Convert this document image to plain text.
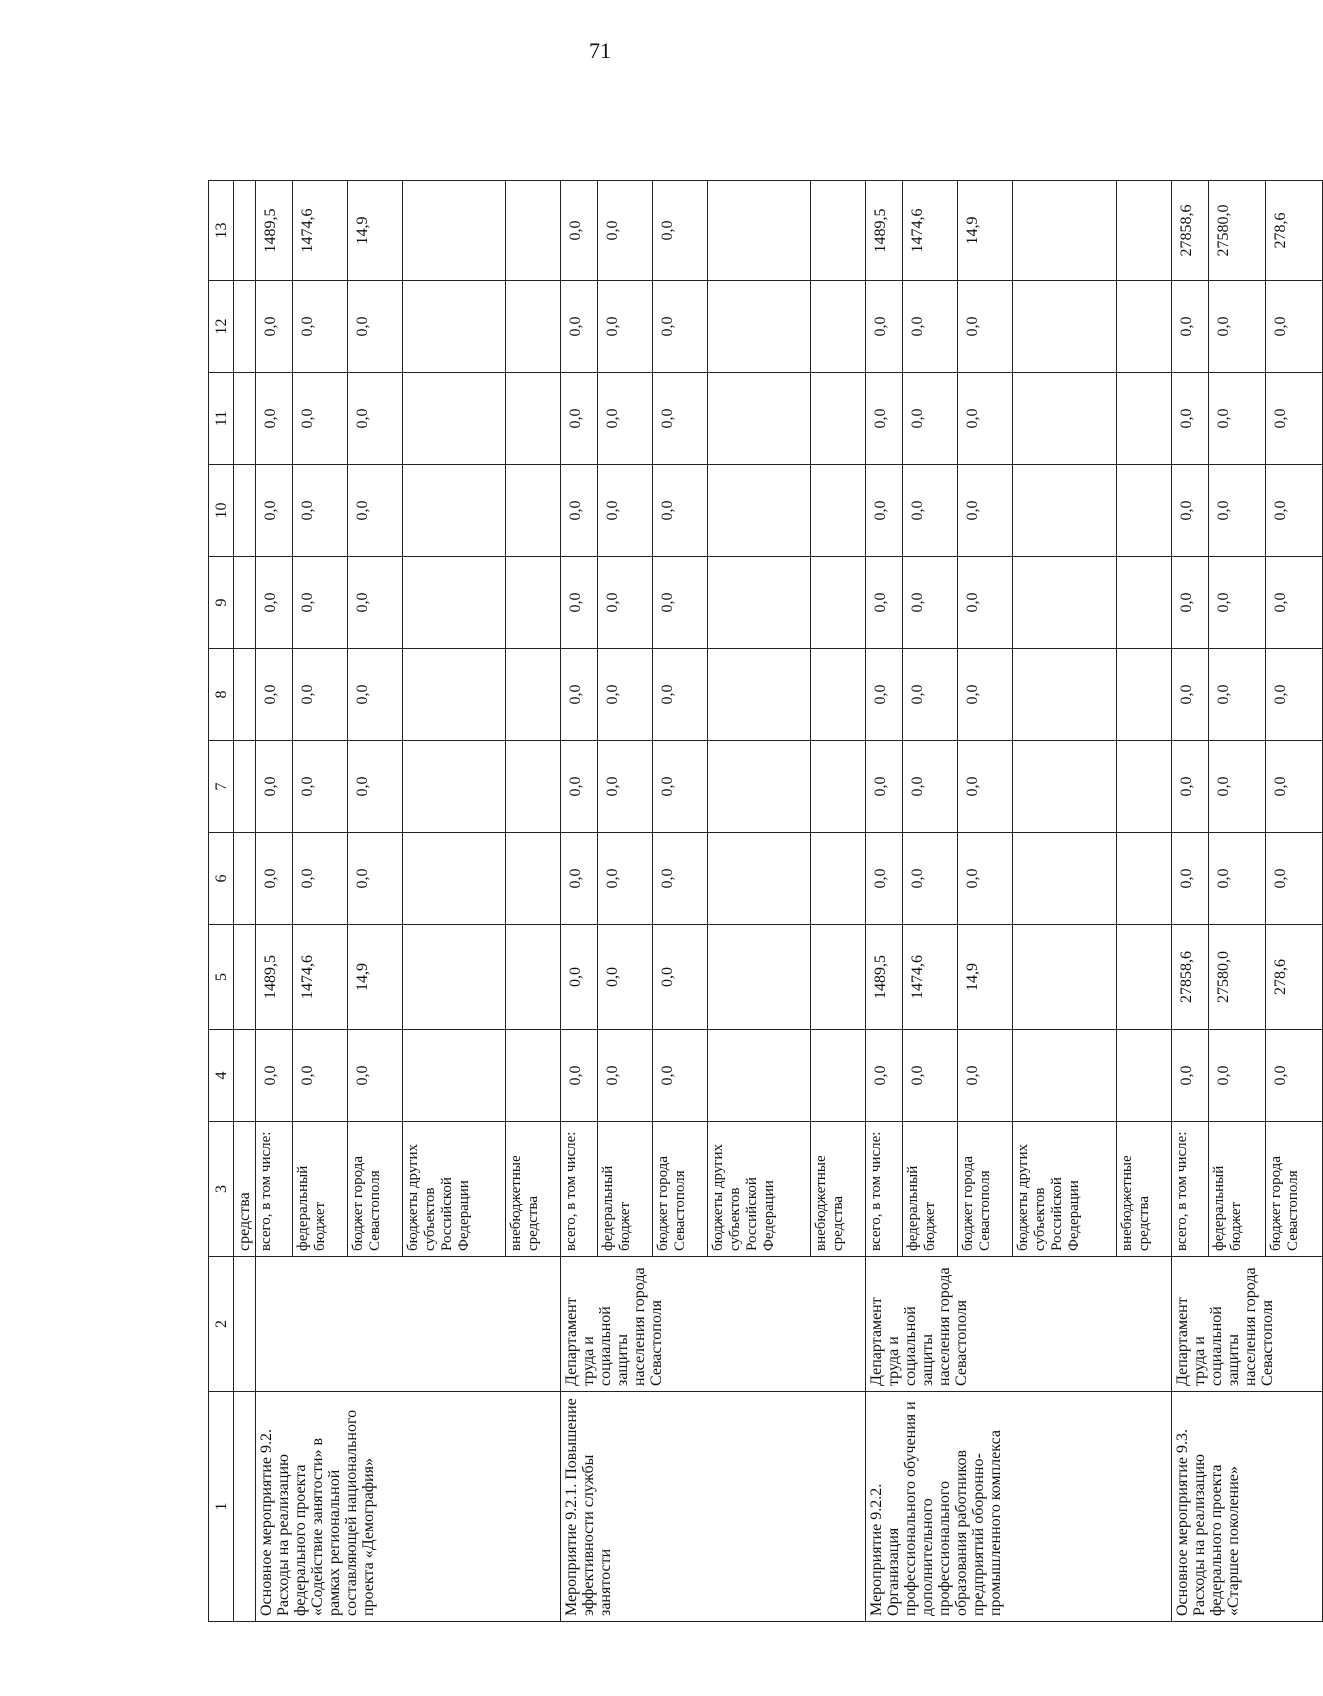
71
1	2	3	4	5	6	7	8	9	10	11	12	13
		средства										
Основное мероприятие 9.2. Расходы на реализацию федерального проекта «Содействие занятости» в рамках региональной составляющей национального проекта «Демография»		всего, в том числе:	0,0	1489,5	0,0	0,0	0,0	0,0	0,0	0,0	0,0	1489,5
		федеральный бюджет	0,0	1474,6	0,0	0,0	0,0	0,0	0,0	0,0	0,0	1474,6
		бюджет города Севастополя	0,0	14,9	0,0	0,0	0,0	0,0	0,0	0,0	0,0	14,9
		бюджеты других субъектов Российской Федерации										
		внебюджетные средства										
Мероприятие 9.2.1. Повышение эффективности службы занятости	Департамент труда и социальной защиты населения города Севастополя	всего, в том числе:	0,0	0,0	0,0	0,0	0,0	0,0	0,0	0,0	0,0	0,0
		федеральный бюджет	0,0	0,0	0,0	0,0	0,0	0,0	0,0	0,0	0,0	0,0
		бюджет города Севастополя	0,0	0,0	0,0	0,0	0,0	0,0	0,0	0,0	0,0	0,0
		бюджеты других субъектов Российской Федерации										
		внебюджетные средства										
Мероприятие 9.2.2. Организация профессионального обучения и дополнительного профессионального образования работников предприятий оборонно-промышленного комплекса	Департамент труда и социальной защиты населения города Севастополя	всего, в том числе:	0,0	1489,5	0,0	0,0	0,0	0,0	0,0	0,0	0,0	1489,5
		федеральный бюджет	0,0	1474,6	0,0	0,0	0,0	0,0	0,0	0,0	0,0	1474,6
		бюджет города Севастополя	0,0	14,9	0,0	0,0	0,0	0,0	0,0	0,0	0,0	14,9
		бюджеты других субъектов Российской Федерации										
		внебюджетные средства										
Основное мероприятие 9.3. Расходы на реализацию федерального проекта «Старшее поколение»	Департамент труда и социальной защиты населения города Севастополя	всего, в том числе:	0,0	27858,6	0,0	0,0	0,0	0,0	0,0	0,0	0,0	27858,6
		федеральный бюджет	0,0	27580,0	0,0	0,0	0,0	0,0	0,0	0,0	0,0	27580,0
		бюджет города Севастополя	0,0	278,6	0,0	0,0	0,0	0,0	0,0	0,0	0,0	278,6
